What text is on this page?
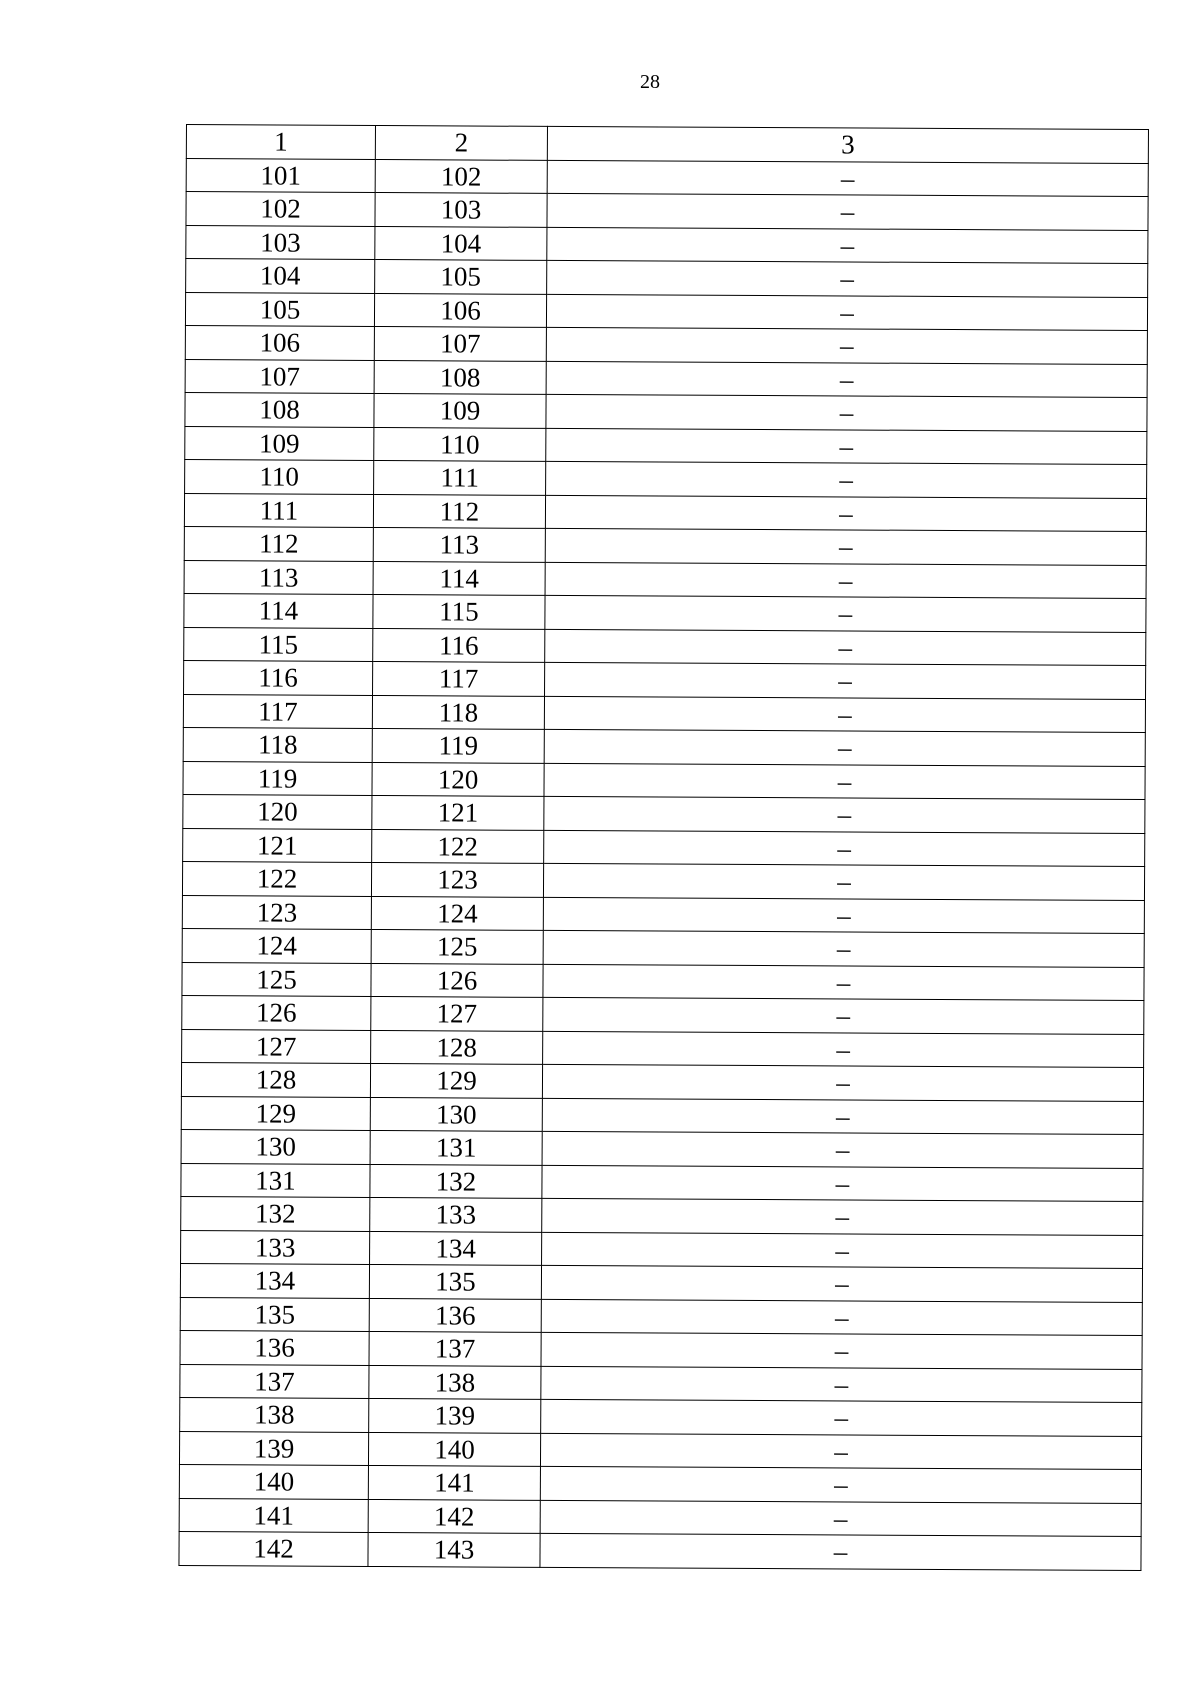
28
1	2	3
101	102	–
102	103	–
103	104	–
104	105	–
105	106	–
106	107	–
107	108	–
108	109	–
109	110	–
110	111	–
111	112	–
112	113	–
113	114	–
114	115	–
115	116	–
116	117	–
117	118	–
118	119	–
119	120	–
120	121	–
121	122	–
122	123	–
123	124	–
124	125	–
125	126	–
126	127	–
127	128	–
128	129	–
129	130	–
130	131	–
131	132	–
132	133	–
133	134	–
134	135	–
135	136	–
136	137	–
137	138	–
138	139	–
139	140	–
140	141	–
141	142	–
142	143	–
